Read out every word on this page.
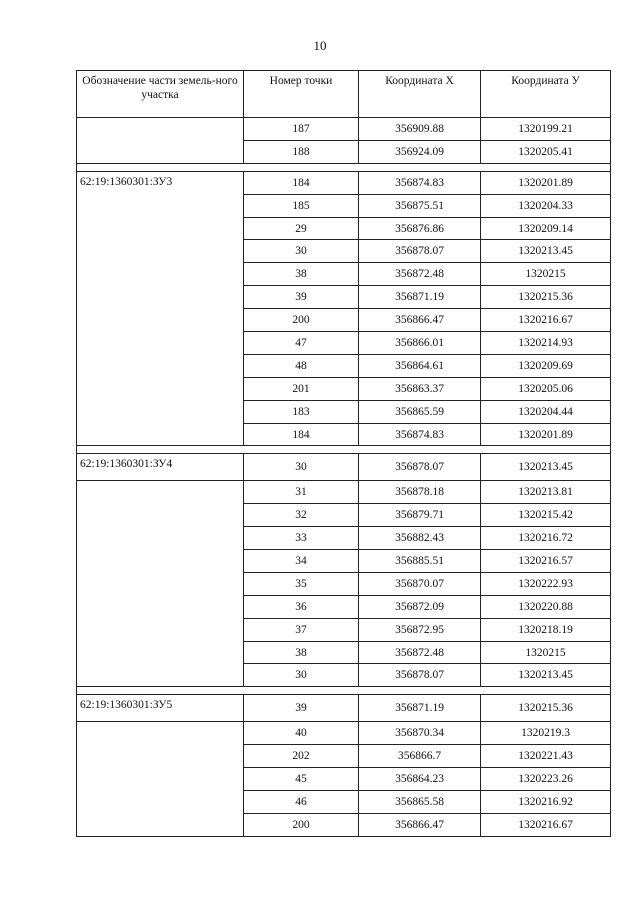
10
Обозначение части земель-ного участка	Номер точки	Координата X	Координата У
	187	356909.88	1320199.21
	188	356924.09	1320205.41

62:19:1360301:ЗУ3	184	356874.83	1320201.89
	185	356875.51	1320204.33
	29	356876.86	1320209.14
	30	356878.07	1320213.45
	38	356872.48	1320215
	39	356871.19	1320215.36
	200	356866.47	1320216.67
	47	356866.01	1320214.93
	48	356864.61	1320209.69
	201	356863.37	1320205.06
	183	356865.59	1320204.44
	184	356874.83	1320201.89

62:19:1360301:ЗУ4	30	356878.07	1320213.45
	31	356878.18	1320213.81
	32	356879.71	1320215.42
	33	356882.43	1320216.72
	34	356885.51	1320216.57
	35	356870.07	1320222.93
	36	356872.09	1320220.88
	37	356872.95	1320218.19
	38	356872.48	1320215
	30	356878.07	1320213.45

62:19:1360301:ЗУ5	39	356871.19	1320215.36
	40	356870.34	1320219.3
	202	356866.7	1320221.43
	45	356864.23	1320223.26
	46	356865.58	1320216.92
	200	356866.47	1320216.67
